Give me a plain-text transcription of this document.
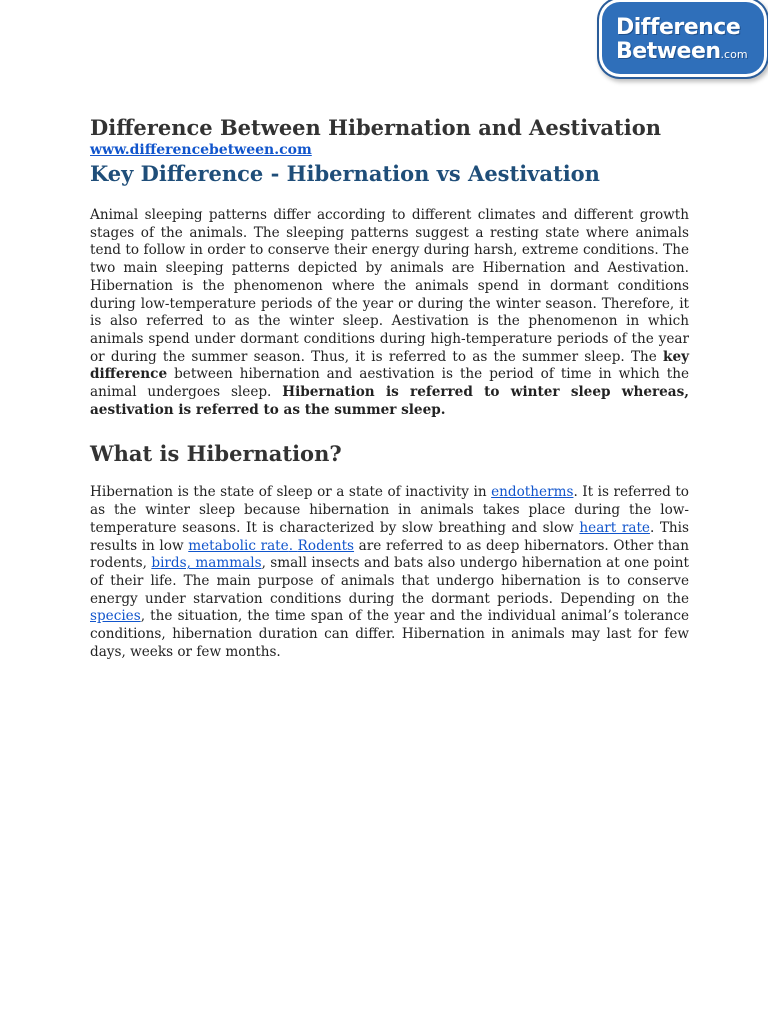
Difference
Between.com
Difference Between Hibernation and Aestivation
www.differencebetween.com
Key Difference - Hibernation vs Aestivation

Animal sleeping patterns differ according to different climates and different growth stages of the animals. The sleeping patterns suggest a resting state where animals tend to follow in order to conserve their energy during harsh, extreme conditions. The two main sleeping patterns depicted by animals are Hibernation and Aestivation. Hibernation is the phenomenon where the animals spend in dormant conditions during low-temperature periods of the year or during the winter season. Therefore, it is also referred to as the winter sleep. Aestivation is the phenomenon in which animals spend under dormant conditions during high-temperature periods of the year or during the summer season. Thus, it is referred to as the summer sleep. The key difference between hibernation and aestivation is the period of time in which the animal undergoes sleep. Hibernation is referred to winter sleep whereas, aestivation is referred to as the summer sleep.

What is Hibernation?

Hibernation is the state of sleep or a state of inactivity in endotherms. It is referred to as the winter sleep because hibernation in animals takes place during the low-temperature seasons. It is characterized by slow breathing and slow heart rate. This results in low metabolic rate. Rodents are referred to as deep hibernators. Other than rodents, birds, mammals, small insects and bats also undergo hibernation at one point of their life. The main purpose of animals that undergo hibernation is to conserve energy under starvation conditions during the dormant periods. Depending on the species, the situation, the time span of the year and the individual animal’s tolerance conditions, hibernation duration can differ. Hibernation in animals may last for few days, weeks or few months.
